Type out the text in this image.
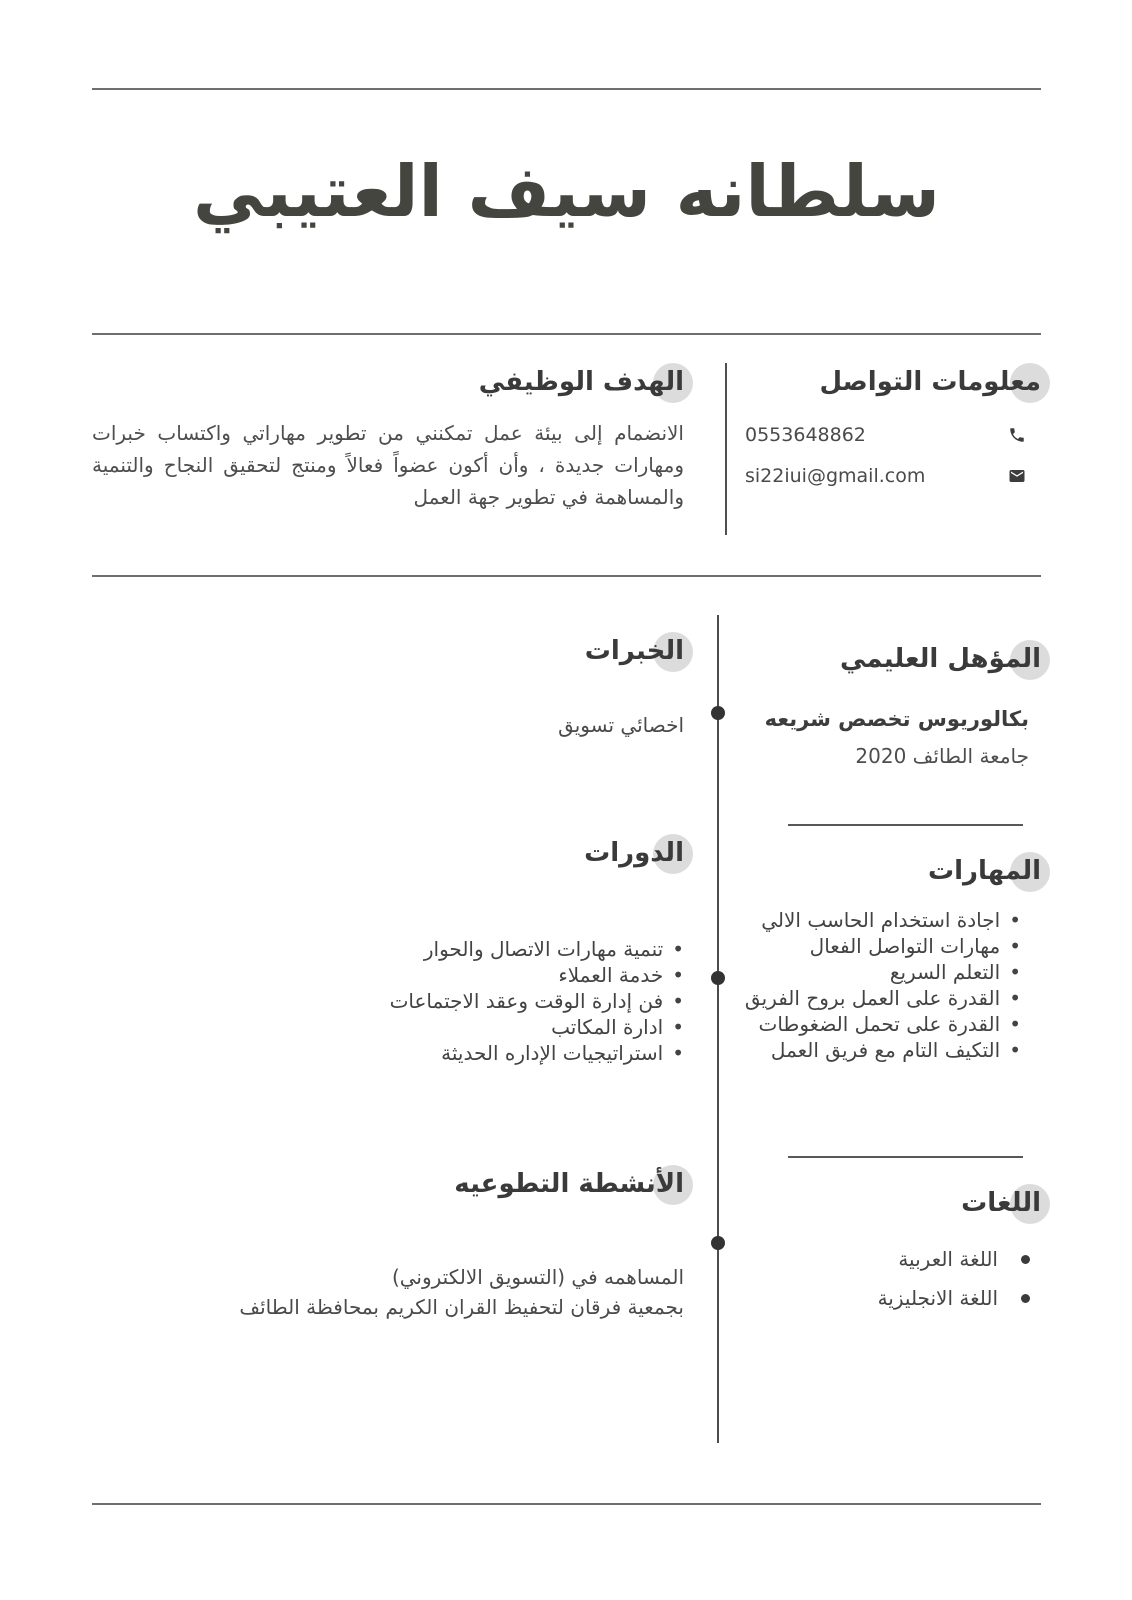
سلطانه سيف العتيبي
معلومات التواصل
0553648862
si22iui@gmail.com
الهدف الوظيفي

الانضمام إلى بيئة عمل تمكنني من تطوير مهاراتي واكتساب خبرات ومهارات جديدة ، وأن أكون عضواً فعالاً ومنتج لتحقيق النجاح والتنمية والمساهمة في تطوير جهة العمل

المؤهل العليمي
بكالوريوس تخصص شريعه
جامعة الطائف 2020
المهارات
• اجادة استخدام الحاسب الالي
• مهارات التواصل الفعال
• التعلم السريع
• القدرة على العمل بروح الفريق
• القدرة على تحمل الضغوطات
• التكيف التام مع فريق العمل
اللغات
اللغة العربية
اللغة الانجليزية
الخبرات
اخصائي تسويق
الدورات
• تنمية مهارات الاتصال والحوار
• خدمة العملاء
• فن إدارة الوقت وعقد الاجتماعات
• ادارة المكاتب
• استراتيجيات الإداره الحديثة
الأنشطة التطوعيه
المساهمه في (التسويق الالكتروني)
بجمعية فرقان لتحفيظ القران الكريم بمحافظة الطائف
